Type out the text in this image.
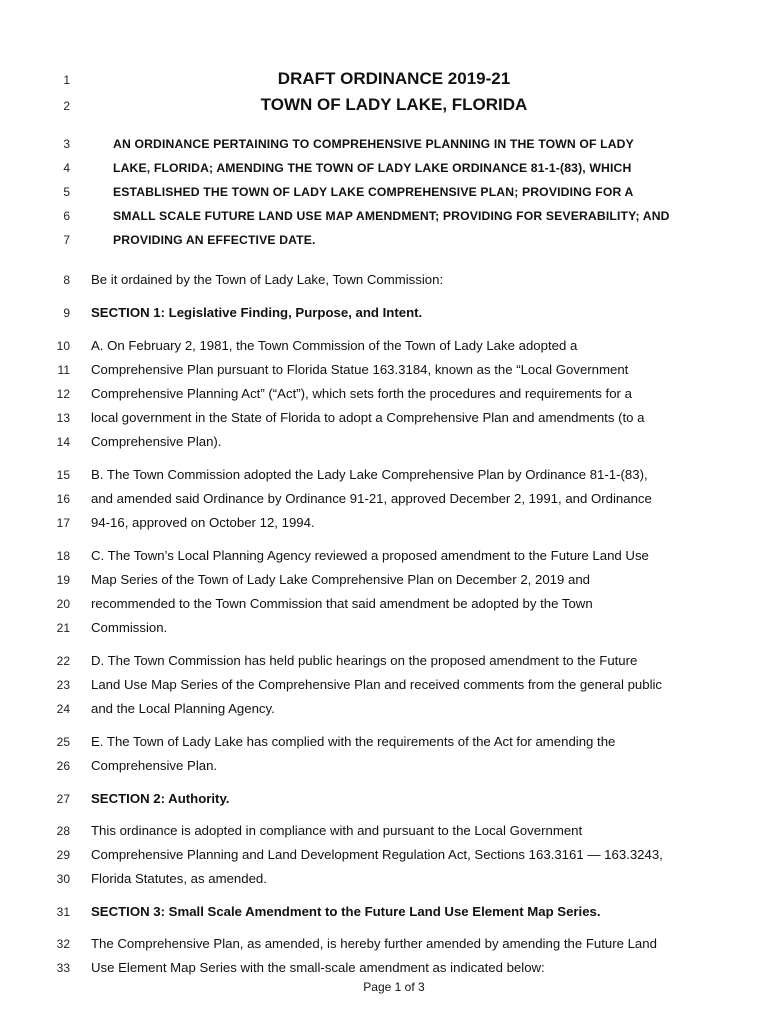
1	DRAFT ORDINANCE 2019-21
2	TOWN OF LADY LAKE, FLORIDA
3	AN ORDINANCE PERTAINING TO COMPREHENSIVE PLANNING IN THE TOWN OF LADY
4	LAKE, FLORIDA; AMENDING THE TOWN OF LADY LAKE ORDINANCE 81-1-(83), WHICH
5	ESTABLISHED THE TOWN OF LADY LAKE COMPREHENSIVE PLAN; PROVIDING FOR A
6	SMALL SCALE FUTURE LAND USE MAP AMENDMENT; PROVIDING FOR SEVERABILITY; AND
7	PROVIDING AN EFFECTIVE DATE.
8 Be it ordained by the Town of Lady Lake, Town Commission:
9 SECTION 1: Legislative Finding, Purpose, and Intent.
10 A. On February 2, 1981, the Town Commission of the Town of Lady Lake adopted a
11 Comprehensive Plan pursuant to Florida Statue 163.3184, known as the “Local Government
12 Comprehensive Planning Act” (“Act”), which sets forth the procedures and requirements for a
13 local government in the State of Florida to adopt a Comprehensive Plan and amendments (to a
14 Comprehensive Plan).
15 B. The Town Commission adopted the Lady Lake Comprehensive Plan by Ordinance 81-1-(83),
16 and amended said Ordinance by Ordinance 91-21, approved December 2, 1991, and Ordinance
17 94-16, approved on October 12, 1994.
18 C. The Town’s Local Planning Agency reviewed a proposed amendment to the Future Land Use
19 Map Series of the Town of Lady Lake Comprehensive Plan on December 2, 2019 and
20 recommended to the Town Commission that said amendment be adopted by the Town
21 Commission.
22 D. The Town Commission has held public hearings on the proposed amendment to the Future
23 Land Use Map Series of the Comprehensive Plan and received comments from the general public
24 and the Local Planning Agency.
25 E. The Town of Lady Lake has complied with the requirements of the Act for amending the
26 Comprehensive Plan.
27 SECTION 2: Authority.
28 This ordinance is adopted in compliance with and pursuant to the Local Government
29 Comprehensive Planning and Land Development Regulation Act, Sections 163.3161 — 163.3243,
30 Florida Statutes, as amended.
31 SECTION 3: Small Scale Amendment to the Future Land Use Element Map Series.
32 The Comprehensive Plan, as amended, is hereby further amended by amending the Future Land
33 Use Element Map Series with the small-scale amendment as indicated below:
Page 1 of 3
